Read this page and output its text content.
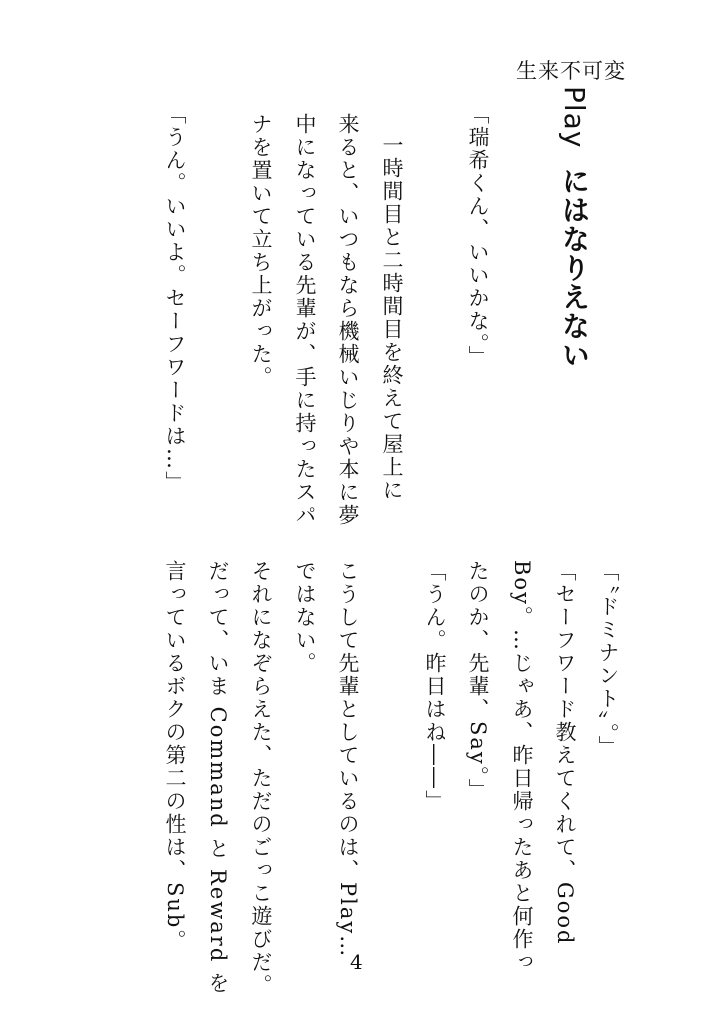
生来不可変
Playにはなりえない

「瑞希くん、いいかな。」

一時間目と二時間目を終えて屋上に

来ると、いつもなら機械いじりや本に夢

中になっている先輩が、手に持ったスパ

ナを置いて立ち上がった。

「うん。いいよ。セーフワードは…」

「〝ドミナント〟。」

「セーフワード教えてくれて、Good

Boy。…じゃあ、昨日帰ったあと何作っ

たのか、先輩、Say。」

「うん。昨日はね――」

こうして先輩としているのは、Play…

ではない。

それになぞらえた、ただのごっこ遊びだ。

だって、いま Command と Reward を

言っているボクの第二の性は、Sub。

4
